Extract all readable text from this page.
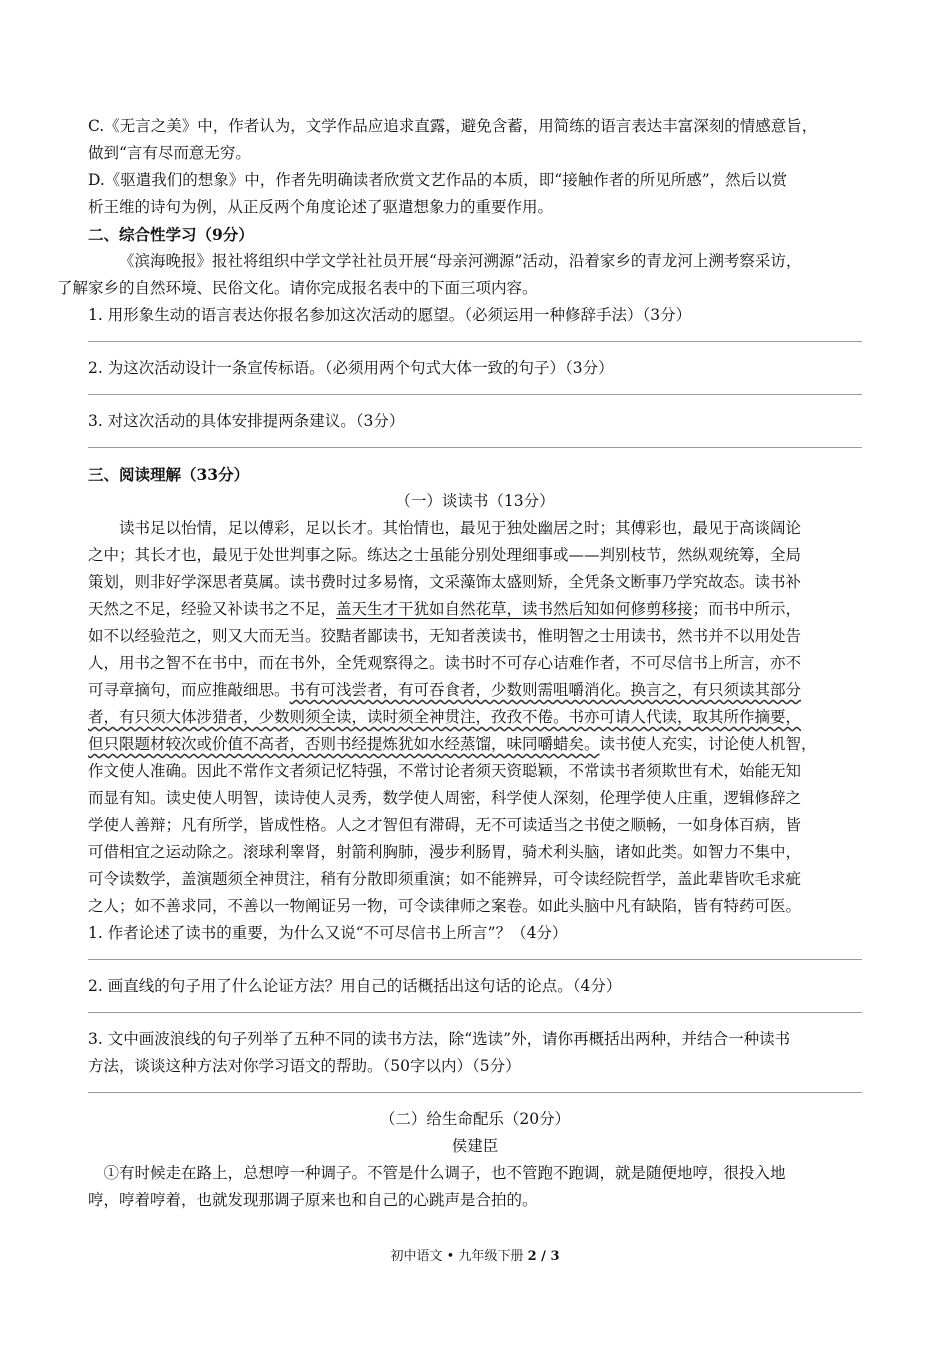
C.《无言之美》中，作者认为，文学作品应追求直露，避免含蓄，用简练的语言表达丰富深刻的情感意旨，
做到“言有尽而意无穷。

D.《驱遣我们的想象》中，作者先明确读者欣赏文艺作品的本质，即“接触作者的所见所感”，然后以赏
析王维的诗句为例，从正反两个角度论述了驱遣想象力的重要作用。

二、综合性学习（9分）

《滨海晚报》报社将组织中学文学社社员开展“母亲河溯源”活动，沿着家乡的青龙河上溯考察采访，
了解家乡的自然环境、民俗文化。请你完成报名表中的下面三项内容。

1. 用形象生动的语言表达你报名参加这次活动的愿望。（必须运用一种修辞手法）（3分）

2. 为这次活动设计一条宣传标语。（必须用两个句式大体一致的句子）（3分）

3. 对这次活动的具体安排提两条建议。（3分）

三、阅读理解（33分）

（一）谈读书（13分）

读书足以怡情，足以傅彩，足以长才。其怡情也，最见于独处幽居之时；其傅彩也，最见于高谈阔论

之中；其长才也，最见于处世判事之际。练达之士虽能分别处理细事或——判别枝节，然纵观统筹，全局

策划，则非好学深思者莫属。读书费时过多易惰，文采藻饰太盛则矫，全凭条文断事乃学究故态。读书补

天然之不足，经验又补读书之不足，盖天生才干犹如自然花草，读书然后知如何修剪移接；而书中所示，

如不以经验范之，则又大而无当。狡黠者鄙读书，无知者羡读书，惟明智之士用读书，然书并不以用处告

人，用书之智不在书中，而在书外，全凭观察得之。读书时不可存心诘难作者，不可尽信书上所言，亦不

可寻章摘句，而应推敲细思。书有可浅尝者，有可吞食者，少数则需咀嚼消化。换言之，有只须读其部分

者，有只须大体涉猎者，少数则须全读，读时须全神贯注，孜孜不倦。书亦可请人代读，取其所作摘要，

但只限题材较次或价值不高者，否则书经提炼犹如水经蒸馏，味同嚼蜡矣。读书使人充实，讨论使人机智，

作文使人准确。因此不常作文者须记忆特强，不常讨论者须天资聪颖，不常读书者须欺世有术，始能无知

而显有知。读史使人明智，读诗使人灵秀，数学使人周密，科学使人深刻，伦理学使人庄重，逻辑修辞之

学使人善辩；凡有所学，皆成性格。人之才智但有滞碍，无不可读适当之书使之顺畅，一如身体百病，皆

可借相宜之运动除之。滚球利睾肾，射箭利胸肺，漫步利肠胃，骑术利头脑，诸如此类。如智力不集中，

可令读数学，盖演题须全神贯注，稍有分散即须重演；如不能辨异，可令读经院哲学，盖此辈皆吹毛求疵

之人；如不善求同，不善以一物阐证另一物，可令读律师之案卷。如此头脑中凡有缺陷，皆有特药可医。

1. 作者论述了读书的重要，为什么又说“不可尽信书上所言”？（4分）

2. 画直线的句子用了什么论证方法？用自己的话概括出这句话的论点。（4分）

3. 文中画波浪线的句子列举了五种不同的读书方法，除“选读”外，请你再概括出两种，并结合一种读书
方法，谈谈这种方法对你学习语文的帮助。（50字以内）（5分）

（二）给生命配乐（20分）

侯建臣

①有时候走在路上，总想哼一种调子。不管是什么调子，也不管跑不跑调，就是随便地哼，很投入地
哼，哼着哼着，也就发现那调子原来也和自己的心跳声是合拍的。

初中语文 • 九年级下册 2 / 3
